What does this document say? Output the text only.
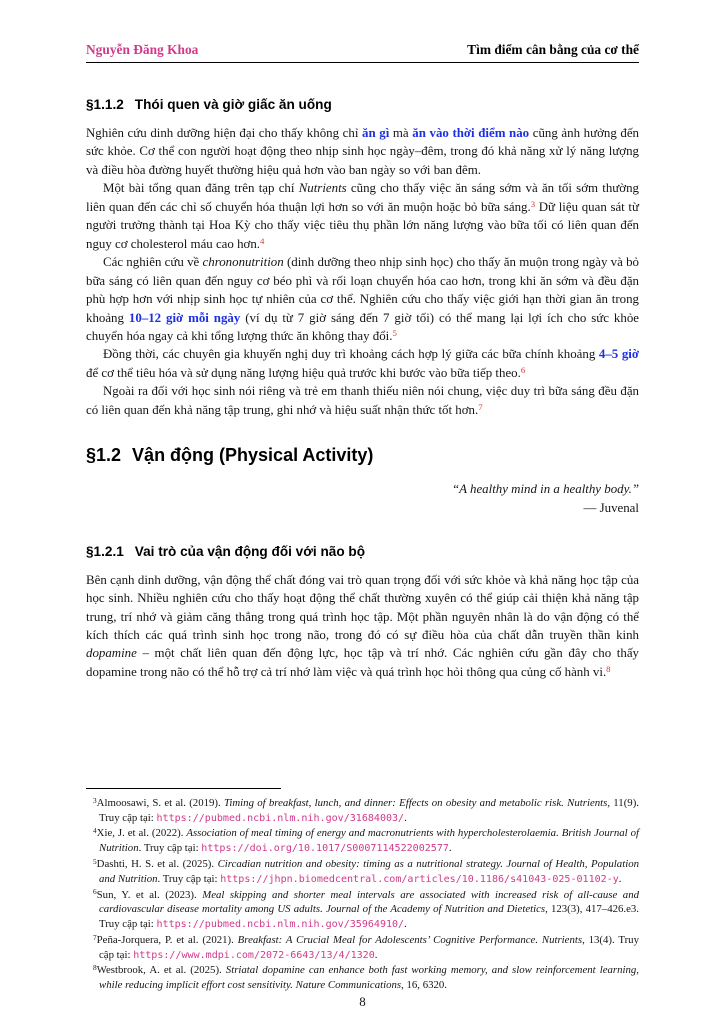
Nguyễn Đăng Khoa	Tìm điểm cân bằng của cơ thể
§1.1.2 Thói quen và giờ giấc ăn uống

Nghiên cứu dinh dưỡng hiện đại cho thấy không chỉ ăn gì mà ăn vào thời điểm nào cũng ảnh hưởng đến sức khỏe. Cơ thể con người hoạt động theo nhịp sinh học ngày–đêm, trong đó khả năng xử lý năng lượng và điều hòa đường huyết thường hiệu quả hơn vào ban ngày so với ban đêm.

Một bài tổng quan đăng trên tạp chí Nutrients cũng cho thấy việc ăn sáng sớm và ăn tối sớm thường liên quan đến các chỉ số chuyển hóa thuận lợi hơn so với ăn muộn hoặc bỏ bữa sáng.$^3$ Dữ liệu quan sát từ người trưởng thành tại Hoa Kỳ cho thấy việc tiêu thụ phần lớn năng lượng vào bữa tối có liên quan đến nguy cơ cholesterol máu cao hơn.$^4$

Các nghiên cứu về chrononutrition (dinh dưỡng theo nhịp sinh học) cho thấy ăn muộn trong ngày và bỏ bữa sáng có liên quan đến nguy cơ béo phì và rối loạn chuyển hóa cao hơn, trong khi ăn sớm và đều đặn phù hợp hơn với nhịp sinh học tự nhiên của cơ thể. Nghiên cứu cho thấy việc giới hạn thời gian ăn trong khoảng 10–12 giờ mỗi ngày (ví dụ từ 7 giờ sáng đến 7 giờ tối) có thể mang lại lợi ích cho sức khỏe chuyển hóa ngay cả khi tổng lượng thức ăn không thay đổi.$^5$

Đồng thời, các chuyên gia khuyến nghị duy trì khoảng cách hợp lý giữa các bữa chính khoảng 4–5 giờ để cơ thể tiêu hóa và sử dụng năng lượng hiệu quả trước khi bước vào bữa tiếp theo.$^6$

Ngoài ra đối với học sinh nói riêng và trẻ em thanh thiếu niên nói chung, việc duy trì bữa sáng đều đặn có liên quan đến khả năng tập trung, ghi nhớ và hiệu suất nhận thức tốt hơn.$^7$

§1.2 Vận động (Physical Activity)
“A healthy mind in a healthy body.”
— Juvenal
§1.2.1 Vai trò của vận động đối với não bộ

Bên cạnh dinh dưỡng, vận động thể chất đóng vai trò quan trọng đối với sức khỏe và khả năng học tập của học sinh. Nhiều nghiên cứu cho thấy hoạt động thể chất thường xuyên có thể giúp cải thiện khả năng tập trung, trí nhớ và giảm căng thẳng trong quá trình học tập. Một phần nguyên nhân là do vận động có thể kích thích các quá trình sinh học trong não, trong đó có sự điều hòa của chất dẫn truyền thần kinh dopamine – một chất liên quan đến động lực, học tập và trí nhớ. Các nghiên cứu gần đây cho thấy dopamine trong não có thể hỗ trợ cả trí nhớ làm việc và quá trình học hỏi thông qua củng cố hành vi.$^8$

$^3$Almoosawi, S. et al. (2019). Timing of breakfast, lunch, and dinner: Effects on obesity and metabolic risk. Nutrients, 11(9). Truy cập tại: https://pubmed.ncbi.nlm.nih.gov/31684003/.

$^4$Xie, J. et al. (2022). Association of meal timing of energy and macronutrients with hypercholesterolaemia. British Journal of Nutrition. Truy cập tại: https://doi.org/10.1017/S0007114522002577.

$^5$Dashti, H. S. et al. (2025). Circadian nutrition and obesity: timing as a nutritional strategy. Journal of Health, Population and Nutrition. Truy cập tại: https://jhpn.biomedcentral.com/articles/10.1186/s41043-025-01102-y.

$^6$Sun, Y. et al. (2023). Meal skipping and shorter meal intervals are associated with increased risk of all-cause and cardiovascular disease mortality among US adults. Journal of the Academy of Nutrition and Dietetics, 123(3), 417–426.e3. Truy cập tại: https://pubmed.ncbi.nlm.nih.gov/35964910/.

$^7$Peña-Jorquera, P. et al. (2021). Breakfast: A Crucial Meal for Adolescents’ Cognitive Performance. Nutrients, 13(4). Truy cập tại: https://www.mdpi.com/2072-6643/13/4/1320.

$^8$Westbrook, A. et al. (2025). Striatal dopamine can enhance both fast working memory, and slow reinforcement learning, while reducing implicit effort cost sensitivity. Nature Communications, 16, 6320.

8
